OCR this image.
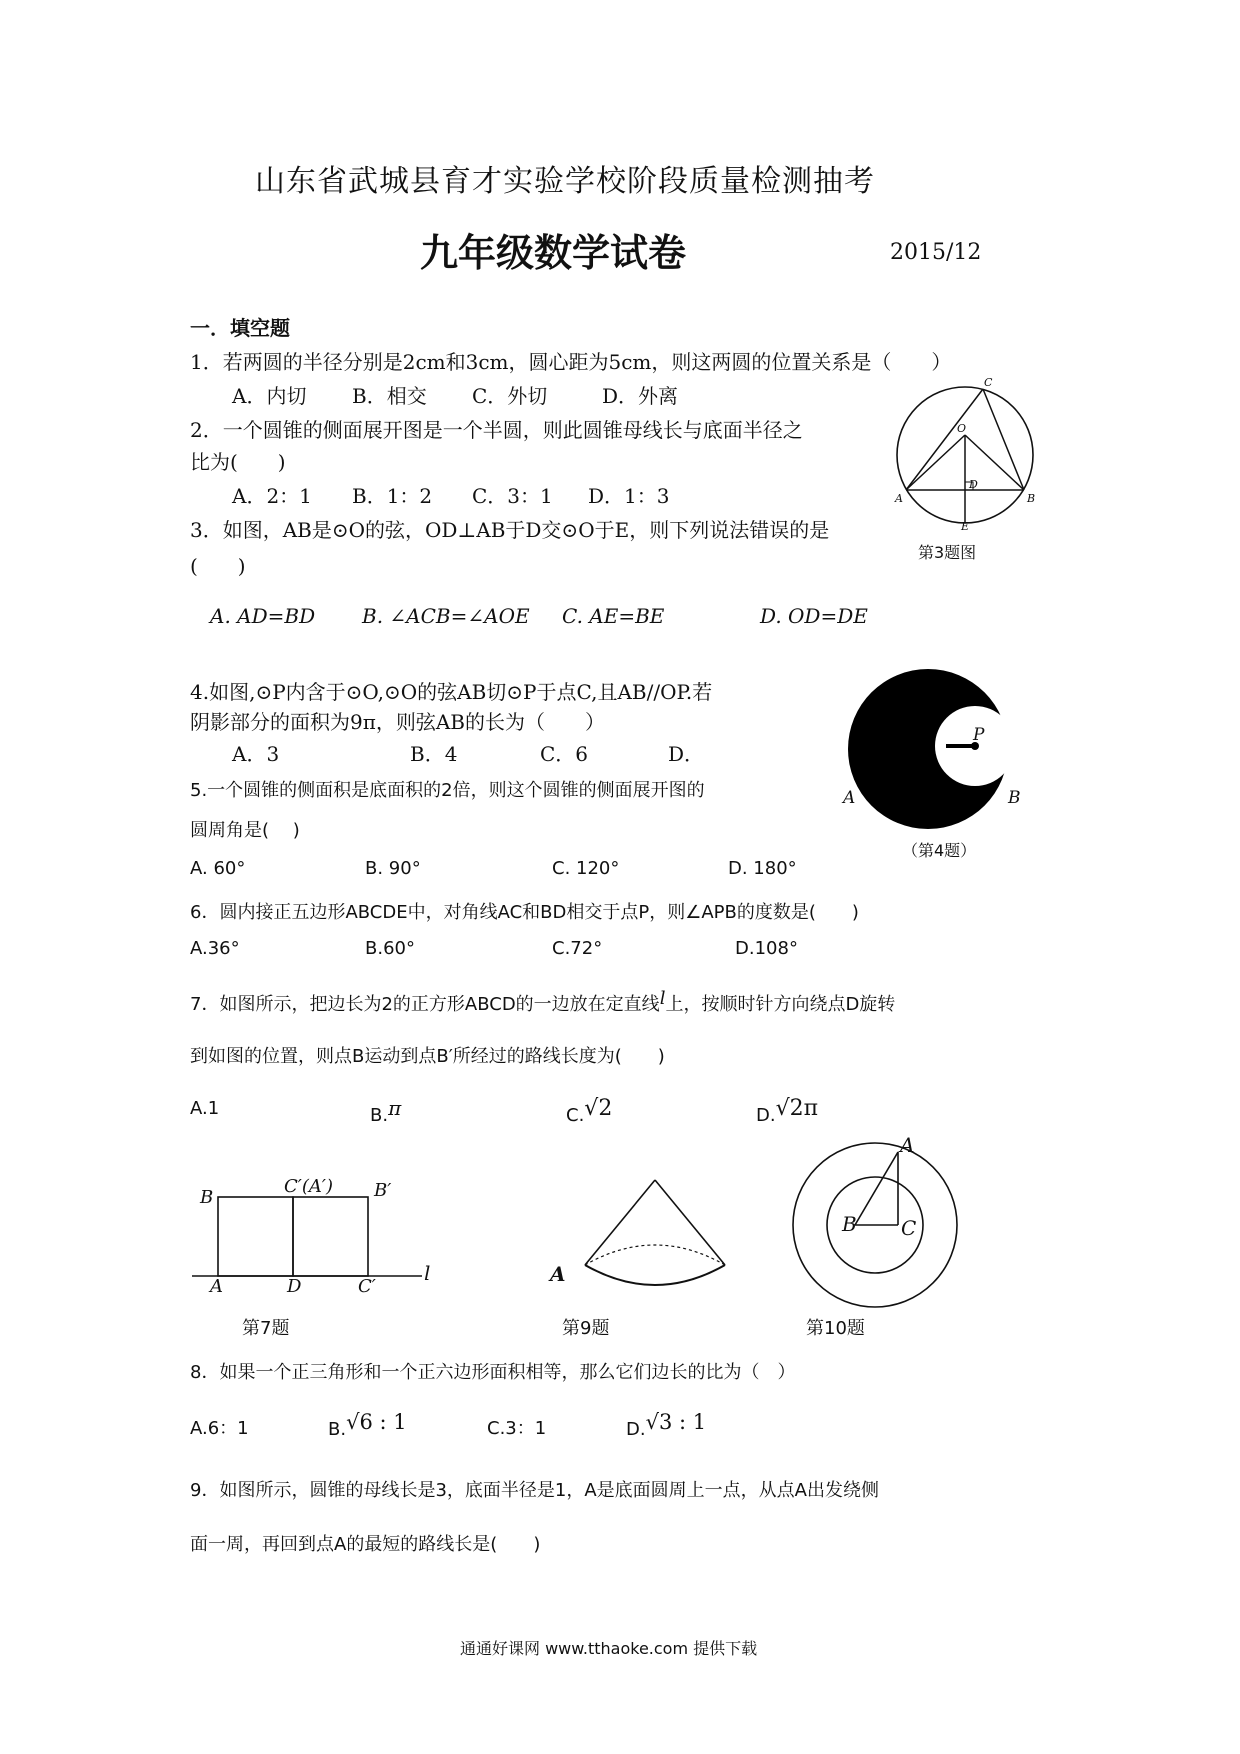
山东省武城县育才实验学校阶段质量检测抽考
九年级数学试卷	2015/12
一．填空题
1．若两圆的半径分别是2cm和3cm，圆心距为5cm，则这两圆的位置关系是（　　）
A．内切 B．相交 C．外切	D．外离
2．一个圆锥的侧面展开图是一个半圆，则此圆锥母线长与底面半径之
比为(　　)
A．2：1 B．1：2 C．3：1 D．1：3
3．如图，AB是⊙O的弦，OD⊥AB于D交⊙O于E，则下列说法错误的是
(　　)
A. AD=BD B. ∠ACB=∠AOE C. AE=BE	D. OD=DE
C
O
D
A	B
E
第3题图
4.如图,⊙P内含于⊙O,⊙O的弦AB切⊙P于点C,且AB//OP.若
阴影部分的面积为9π，则弦AB的长为（　　）
A．3	B．4	C．6	D．
P
A	B
（第4题）
5.一个圆锥的侧面积是底面积的2倍，则这个圆锥的侧面展开图的
圆周角是(　 )
A. 60°	B. 90°	C. 120°	D. 180°
6．圆内接正五边形ABCDE中，对角线AC和BD相交于点P，则∠APB的度数是(　　)
A.36°	B.60°	C.72°	D.108°
7．如图所示，把边长为2的正方形ABCD的一边放在定直线l上，按顺时针方向绕点D旋转
到如图的位置，则点B运动到点B′所经过的路线长度为(　　)
A.1	B.π	C.√2	D.√2π
B
C′(A′) B′
A	D	C′
l
第7题
A
第9题
A
B C
第10题
8．如果一个正三角形和一个正六边形面积相等，那么它们边长的比为（　）
A.6：1	B.√6 : 1	C.3：1	D.√3 : 1
9．如图所示，圆锥的母线长是3，底面半径是1，A是底面圆周上一点，从点A出发绕侧
面一周，再回到点A的最短的路线长是(　　)
通通好课网 www.tthaoke.com 提供下载
